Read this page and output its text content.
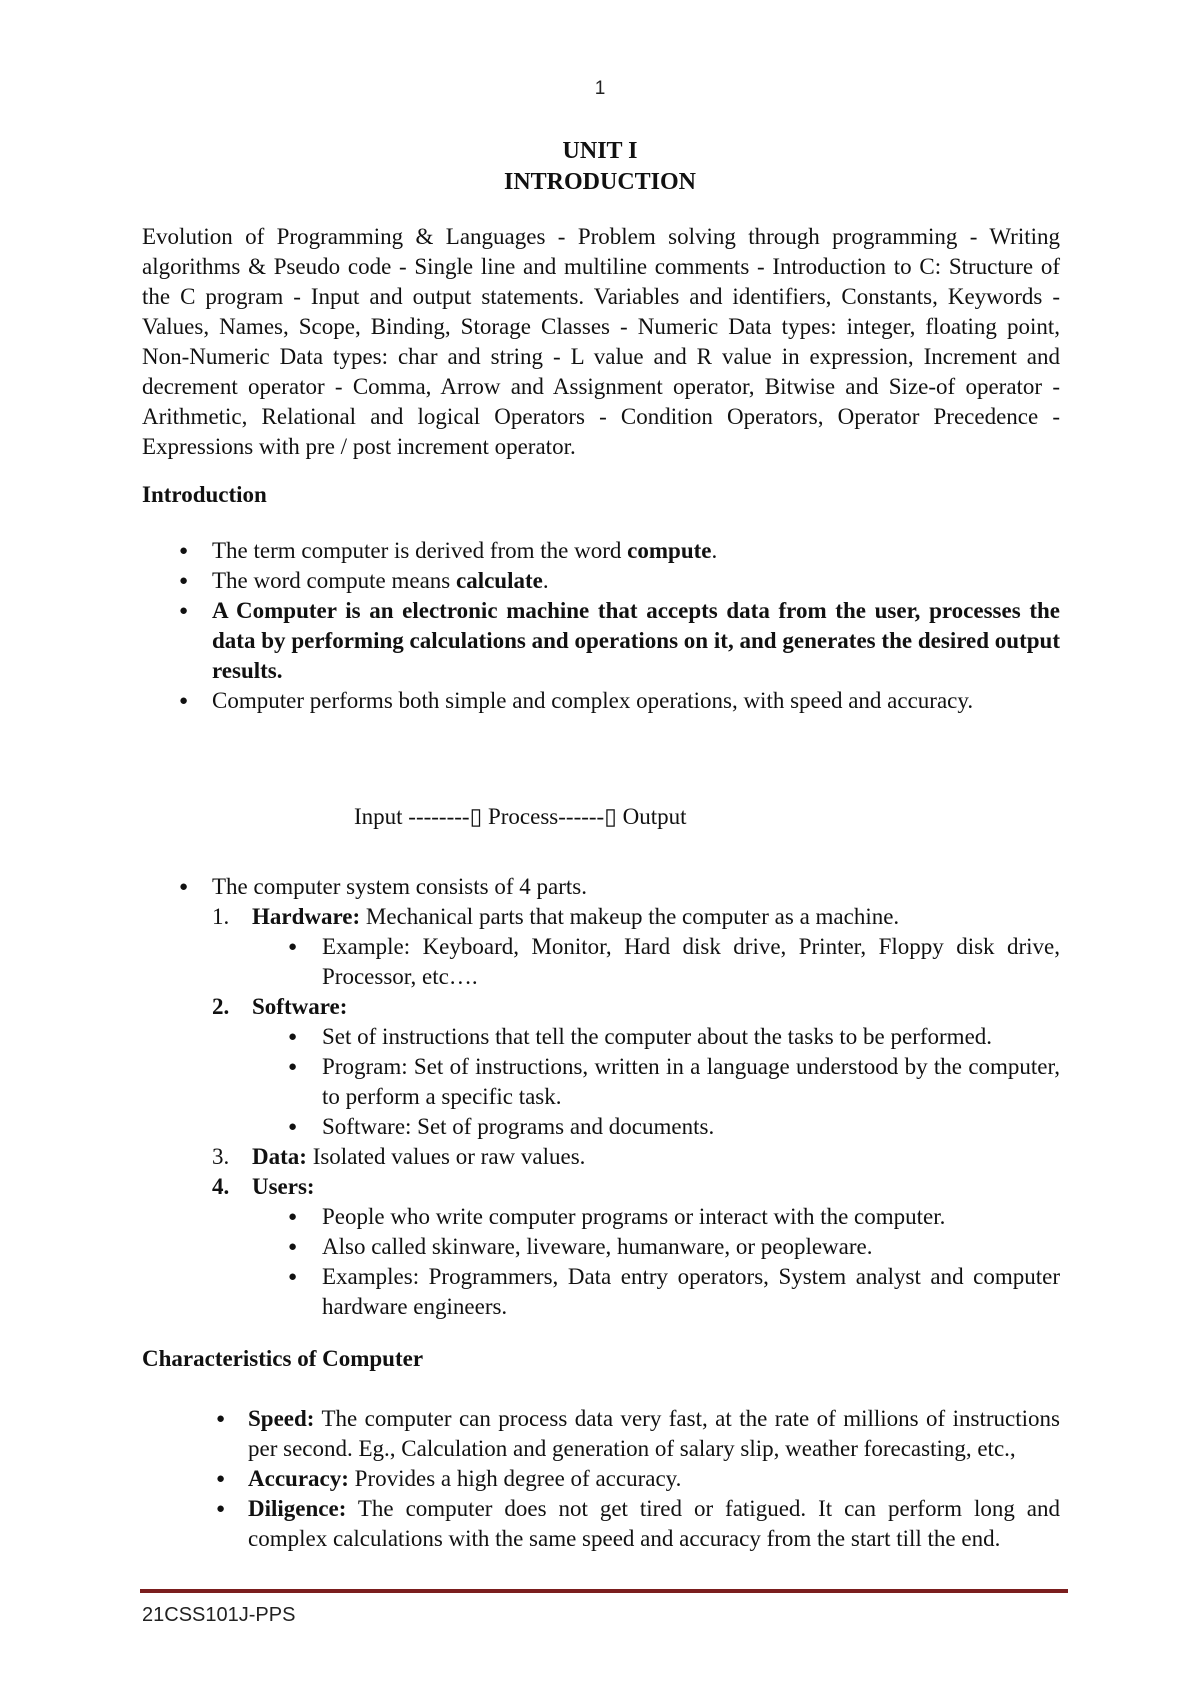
1
UNIT I
INTRODUCTION

Evolution of Programming & Languages - Problem solving through programming - Writing algorithms & Pseudo code - Single line and multiline comments - Introduction to C: Structure of the C program - Input and output statements. Variables and identifiers, Constants, Keywords - Values, Names, Scope, Binding, Storage Classes - Numeric Data types: integer, floating point, Non-Numeric Data types: char and string - L value and R value in expression, Increment and decrement operator - Comma, Arrow and Assignment operator, Bitwise and Size-of operator - Arithmetic, Relational and logical Operators - Condition Operators, Operator Precedence - Expressions with pre / post increment operator.

Introduction
● The term computer is derived from the word compute.
● The word compute means calculate.
● A Computer is an electronic machine that accepts data from the user, processes the data by performing calculations and operations on it, and generates the desired output results.
● Computer performs both simple and complex operations, with speed and accuracy.

Input --------▯ Process------▯ Output

● The computer system consists of 4 parts.
1. Hardware: Mechanical parts that makeup the computer as a machine.
● Example: Keyboard, Monitor, Hard disk drive, Printer, Floppy disk drive, Processor, etc….
2. Software:
● Set of instructions that tell the computer about the tasks to be performed.
● Program: Set of instructions, written in a language understood by the computer, to perform a specific task.
● Software: Set of programs and documents.
3. Data: Isolated values or raw values.
4. Users:
● People who write computer programs or interact with the computer.
● Also called skinware, liveware, humanware, or peopleware.
● Examples: Programmers, Data entry operators, System analyst and computer hardware engineers.
Characteristics of Computer
● Speed: The computer can process data very fast, at the rate of millions of instructions per second. Eg., Calculation and generation of salary slip, weather forecasting, etc.,
● Accuracy: Provides a high degree of accuracy.
● Diligence: The computer does not get tired or fatigued. It can perform long and complex calculations with the same speed and accuracy from the start till the end.
21CSS101J-PPS
